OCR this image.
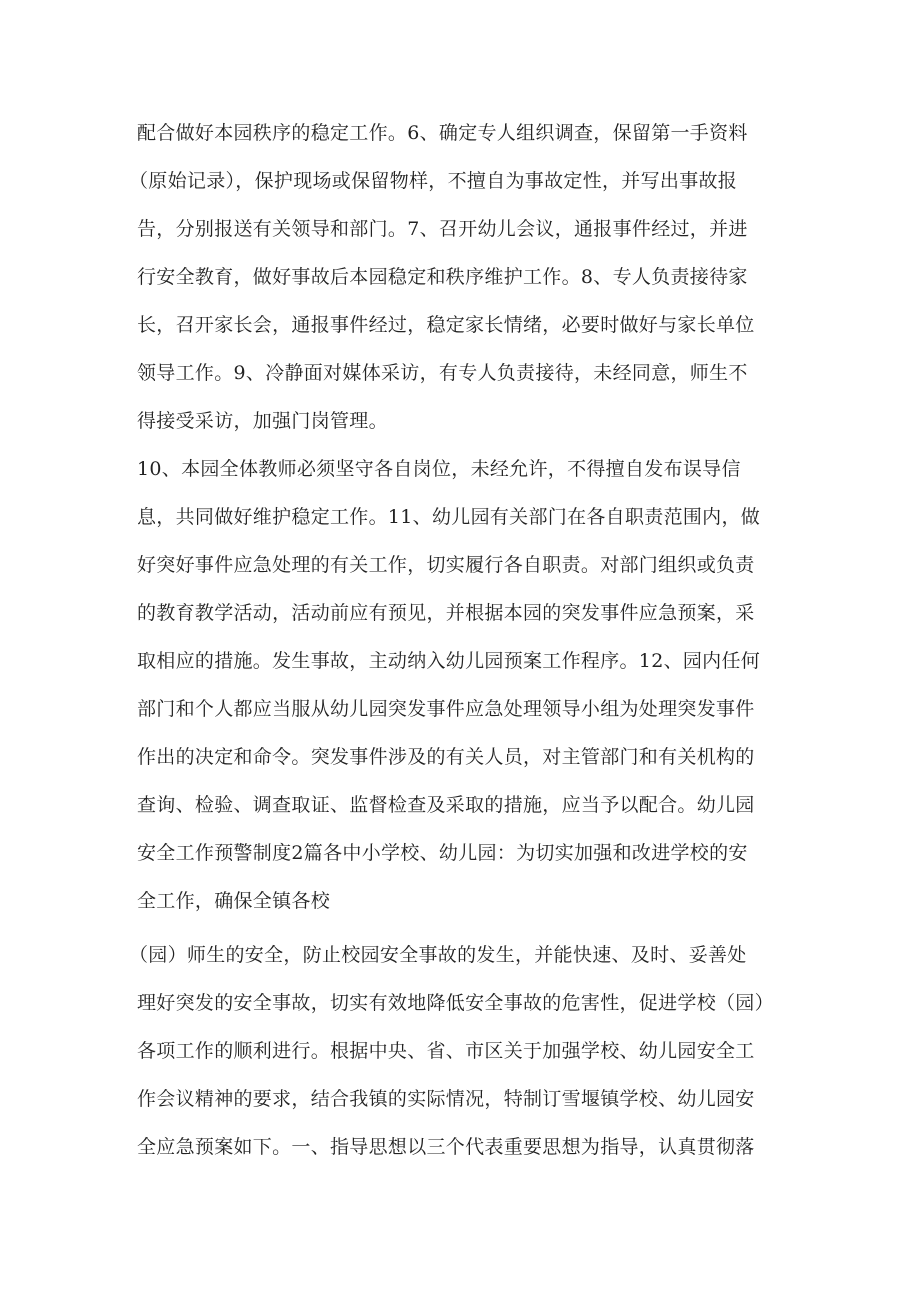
配合做好本园秩序的稳定工作。6、确定专人组织调查，保留第一手资料
（原始记录），保护现场或保留物样，不擅自为事故定性，并写出事故报
告，分别报送有关领导和部门。7、召开幼儿会议，通报事件经过，并进
行安全教育，做好事故后本园稳定和秩序维护工作。8、专人负责接待家
长，召开家长会，通报事件经过，稳定家长情绪，必要时做好与家长单位
领导工作。9、冷静面对媒体采访，有专人负责接待，未经同意，师生不
得接受采访，加强门岗管理。
10、本园全体教师必须坚守各自岗位，未经允许，不得擅自发布误导信
息，共同做好维护稳定工作。11、幼儿园有关部门在各自职责范围内，做
好突好事件应急处理的有关工作，切实履行各自职责。对部门组织或负责
的教育教学活动，活动前应有预见，并根据本园的突发事件应急预案，采
取相应的措施。发生事故，主动纳入幼儿园预案工作程序。12、园内任何
部门和个人都应当服从幼儿园突发事件应急处理领导小组为处理突发事件
作出的决定和命令。突发事件涉及的有关人员，对主管部门和有关机构的
查询、检验、调查取证、监督检查及采取的措施，应当予以配合。幼儿园
安全工作预警制度2篇各中小学校、幼儿园：为切实加强和改进学校的安
全工作，确保全镇各校
（园）师生的安全，防止校园安全事故的发生，并能快速、及时、妥善处
理好突发的安全事故，切实有效地降低安全事故的危害性，促进学校（园）
各项工作的顺利进行。根据中央、省、市区关于加强学校、幼儿园安全工
作会议精神的要求，结合我镇的实际情况，特制订雪堰镇学校、幼儿园安
全应急预案如下。一、指导思想以三个代表重要思想为指导，认真贯彻落
